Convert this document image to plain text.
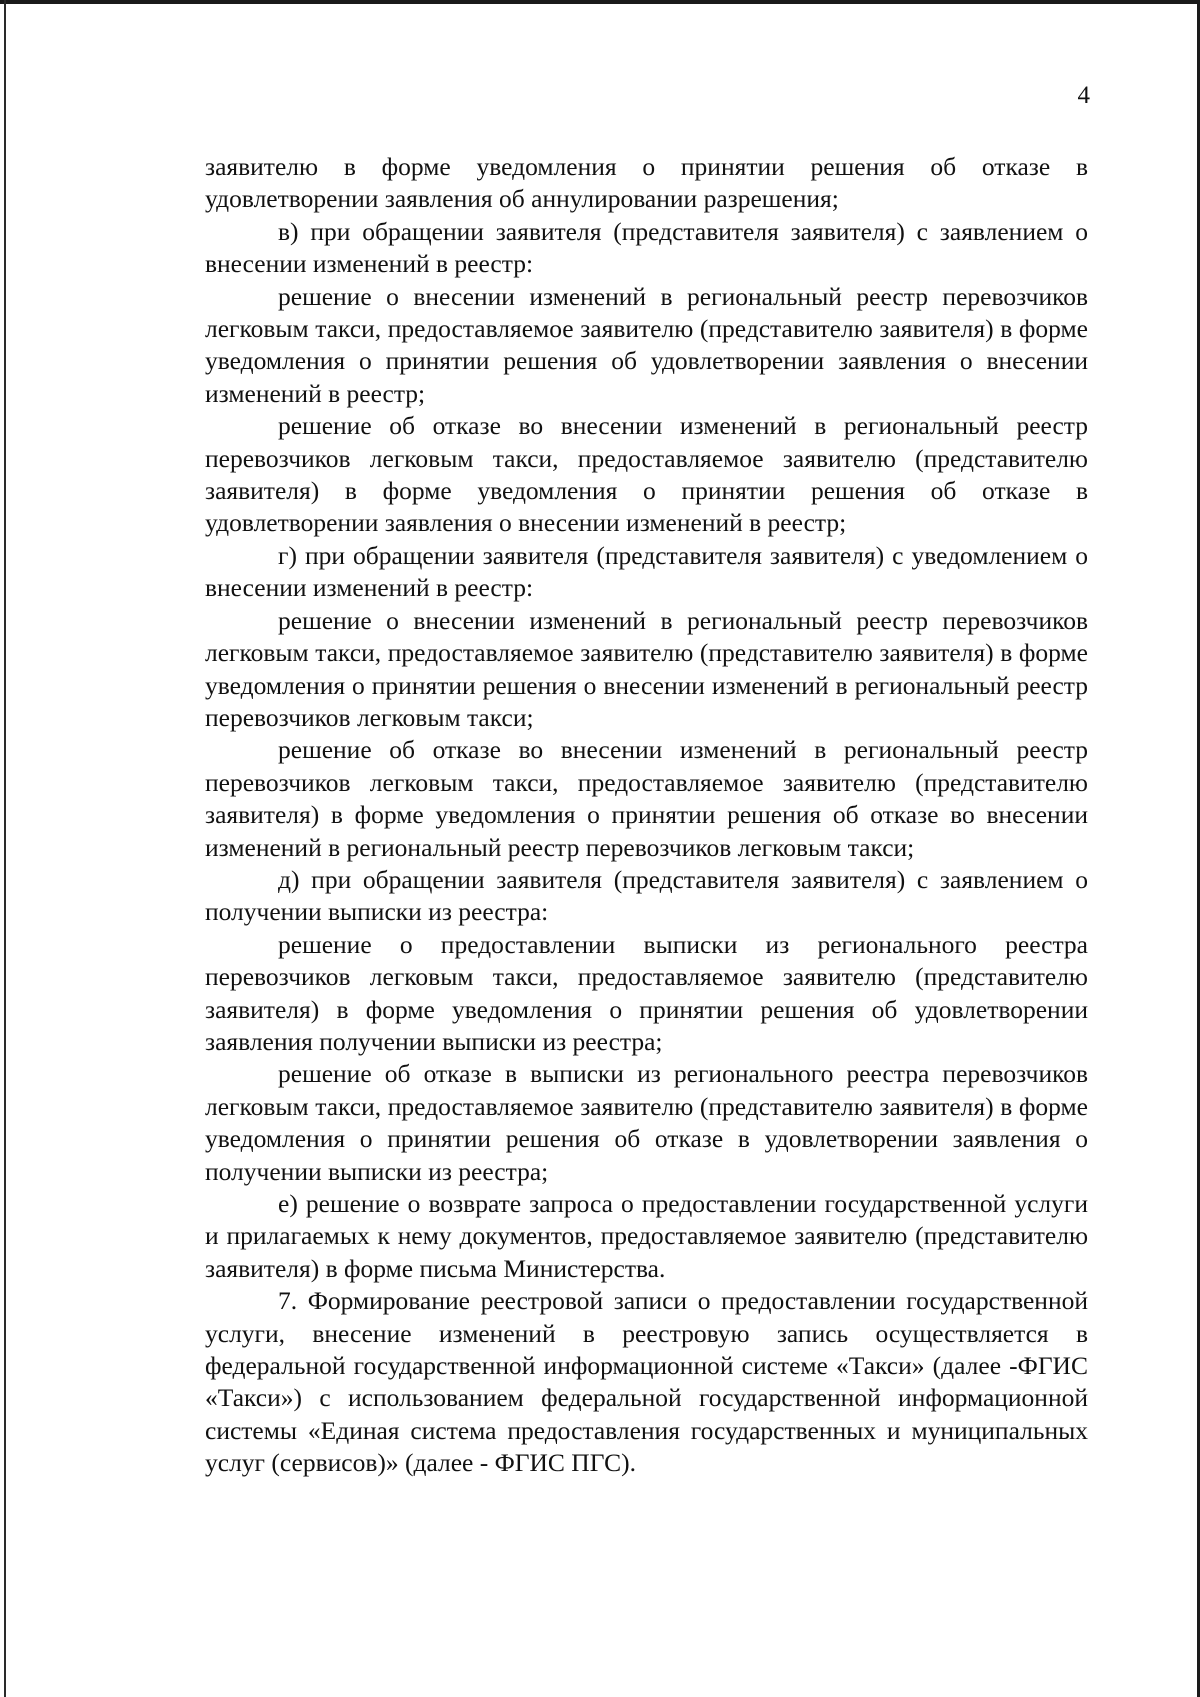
4

заявителю в форме уведомления о принятии решения об отказе в удовлетворении заявления об аннулировании разрешения;

в) при обращении заявителя (представителя заявителя) с заявлением о внесении изменений в реестр:

решение о внесении изменений в региональный реестр перевозчиков легковым такси, предоставляемое заявителю (представителю заявителя) в форме уведомления о принятии решения об удовлетворении заявления о внесении изменений в реестр;

решение об отказе во внесении изменений в региональный реестр перевозчиков легковым такси, предоставляемое заявителю (представителю заявителя) в форме уведомления о принятии решения об отказе в удовлетворении заявления о внесении изменений в реестр;

г) при обращении заявителя (представителя заявителя) с уведомлением о внесении изменений в реестр:

решение о внесении изменений в региональный реестр перевозчиков легковым такси, предоставляемое заявителю (представителю заявителя) в форме уведомления о принятии решения о внесении изменений в региональный реестр перевозчиков легковым такси;

решение об отказе во внесении изменений в региональный реестр перевозчиков легковым такси, предоставляемое заявителю (представителю заявителя) в форме уведомления о принятии решения об отказе во внесении изменений в региональный реестр перевозчиков легковым такси;

д) при обращении заявителя (представителя заявителя) с заявлением о получении выписки из реестра:

решение о предоставлении выписки из регионального реестра перевозчиков легковым такси, предоставляемое заявителю (представителю заявителя) в форме уведомления о принятии решения об удовлетворении заявления получении выписки из реестра;

решение об отказе в выписки из регионального реестра перевозчиков легковым такси, предоставляемое заявителю (представителю заявителя) в форме уведомления о принятии решения об отказе в удовлетворении заявления о получении выписки из реестра;

е) решение о возврате запроса о предоставлении государственной услуги и прилагаемых к нему документов, предоставляемое заявителю (представителю заявителя) в форме письма Министерства.

7. Формирование реестровой записи о предоставлении государственной услуги, внесение изменений в реестровую запись осуществляется в федеральной государственной информационной системе «Такси» (далее -ФГИС «Такси») с использованием федеральной государственной информационной системы «Единая система предоставления государственных и муниципальных услуг (сервисов)» (далее - ФГИС ПГС).
